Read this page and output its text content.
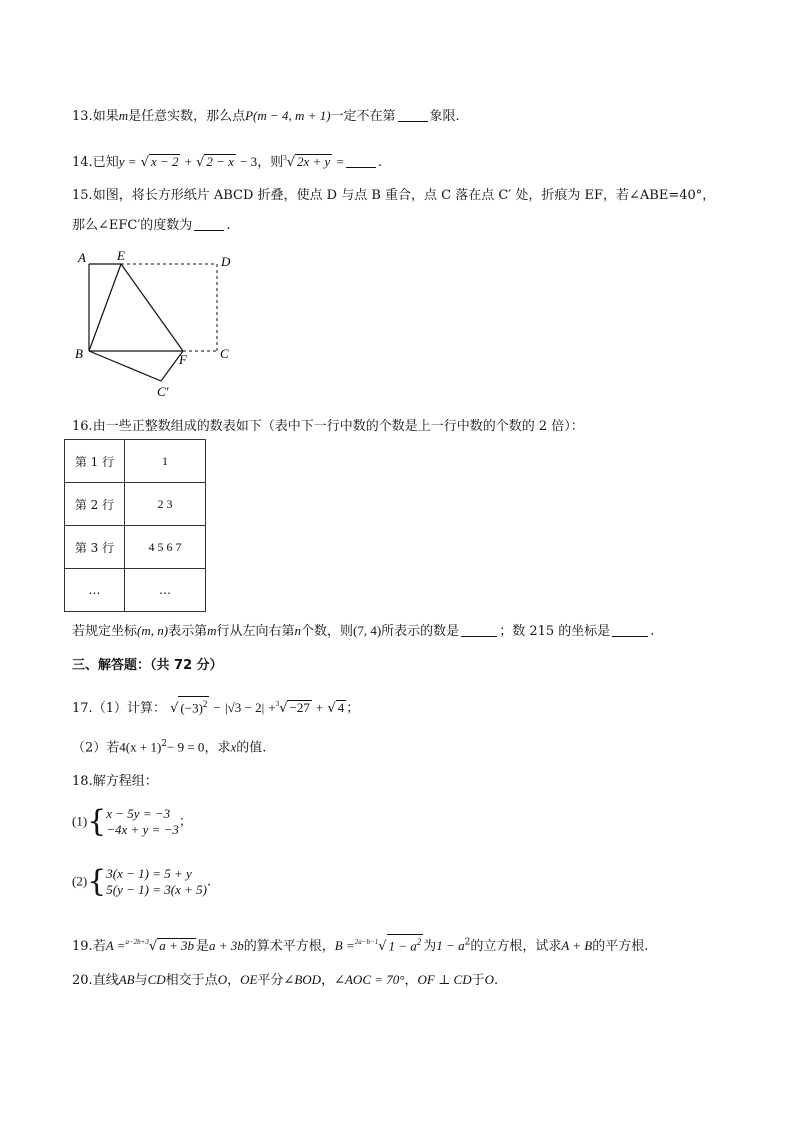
13.如果m是任意实数，那么点P(m − 4, m + 1)一定不在第	象限.
14.已知y = √ x − 2 + √ 2 − x − 3，则$^3$√ 2x + y =	.
15.如图，将长方形纸片 ABCD 折叠，使点 D 与点 B 重合，点 C 落在点 C′ 处，折痕为 EF，若∠ABE=40°，
那么∠EFC′的度数为	.
A E	D
B	F	C
C′
16.由一些正整数组成的数表如下（表中下一行中数的个数是上一行中数的个数的 2 倍）：
第 1 行	1
第 2 行	2 3
第 3 行	4 5 6 7
…	…
若规定坐标(m, n)表示第m行从左向右第n个数，则(7, 4)所表示的数是	；数 215 的坐标是	.
三、解答题：（共 72 分）
17.（1）计算： √ $(-3)^2 - |√3 - 2| +^3√ -27$ + √ 4 ；
（2）若$4(x + 1)^2- 9 = 0$，求x的值.
18.解方程组：
(1){x − 5y = −3
−4x + y = −3；
(2){3(x − 1) = 5 + y
5(y − 1) = 3(x + 5).
19.若A =$^{a-2b+3}$√ a + 3b 是a + 3b的算术平方根，B =$^{2a-b-1}$√ $1 - a^2$ 为$1 - a^2$的立方根，试求A + B的平方根.
20.直线AB与CD相交于点O，OE平分∠BOD，∠AOC = 70°，OF ⊥ CD于O.
